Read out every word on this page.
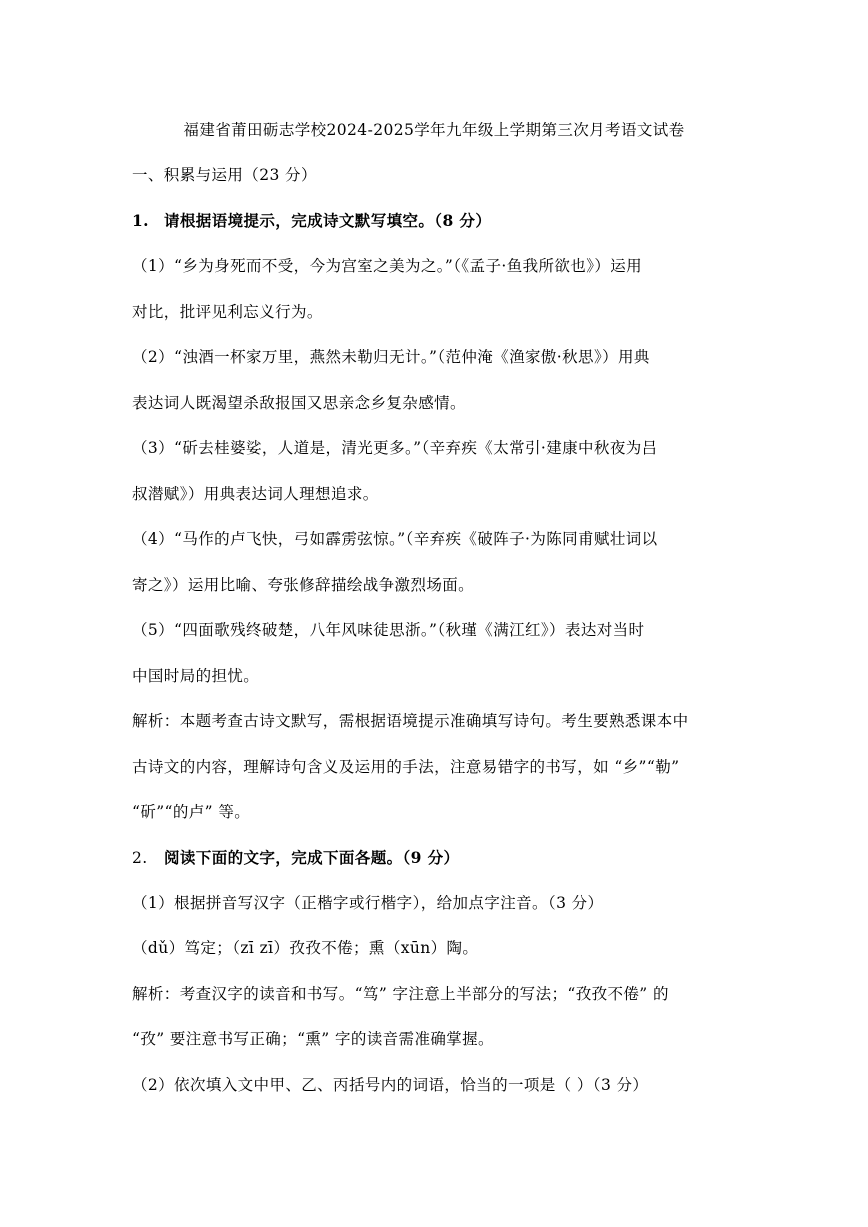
福建省莆田砺志学校2024-2025学年九年级上学期第三次月考语文试卷
一、积累与运用（23 分）
1. 请根据语境提示，完成诗文默写填空。（8 分）
（1）“乡为身死而不受，今为宫室之美为之。”（《孟子·鱼我所欲也》）运用
对比，批评见利忘义行为。
（2）“浊酒一杯家万里，燕然未勒归无计。”（范仲淹《渔家傲·秋思》）用典
表达词人既渴望杀敌报国又思亲念乡复杂感情。
（3）“斫去桂婆娑，人道是，清光更多。”（辛弃疾《太常引·建康中秋夜为吕
叔潜赋》）用典表达词人理想追求。
（4）“马作的卢飞快，弓如霹雳弦惊。”（辛弃疾《破阵子·为陈同甫赋壮词以
寄之》）运用比喻、夸张修辞描绘战争激烈场面。
（5）“四面歌残终破楚，八年风味徒思浙。”（秋瑾《满江红》）表达对当时
中国时局的担忧。
解析：本题考查古诗文默写，需根据语境提示准确填写诗句。考生要熟悉课本中
古诗文的内容，理解诗句含义及运用的手法，注意易错字的书写，如 “乡”“勒”
“斫”“的卢” 等。
2. 阅读下面的文字，完成下面各题。（9 分）
（1）根据拼音写汉字（正楷字或行楷字），给加点字注音。（3 分）
（dǔ）笃定；（zī zī）孜孜不倦；熏（xūn）陶。
解析：考查汉字的读音和书写。“笃” 字注意上半部分的写法；“孜孜不倦” 的
“孜” 要注意书写正确；“熏” 字的读音需准确掌握。
（2）依次填入文中甲、乙、丙括号内的词语，恰当的一项是（ ）（3 分）
